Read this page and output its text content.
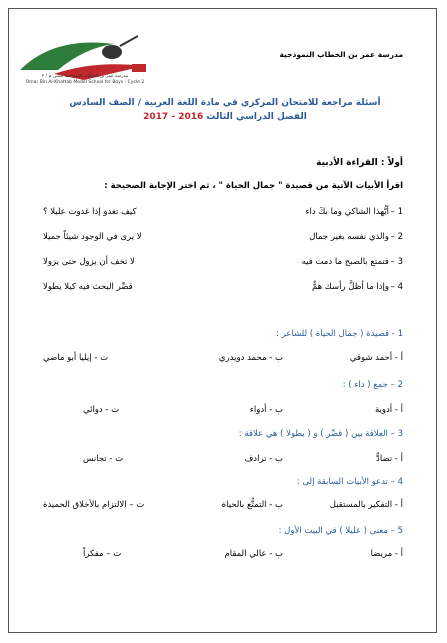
مدرسة عمر بن الخطاب النموذجية للبنين م / ٢
Omar Bin Al-Khattab Model School for Boys - Cycle 2
مدرسة عمر بن الخطاب النموذجية
أسئلة مراجعة للامتحان المركزي في مادة اللغة العربية / الصف السادس
الفصل الدراسي الثالث 2016 - 2017
أولاً : القراءة الأدبية
اقرأ الأبيات الآتية من قصيدة " جمال الحياة " ، ثم اختر الإجابة الصحيحة :
1 –
أيُّهذا الشاكي وما بكَ داء
كيف تغدو إذا غدوت عليلا ؟
2 –
والذي نفسه بغير جمال
لا يرى في الوجود شيئاً جميلا
3 –
فتمتع بالصبح ما دمت فيه
لا تخف أن يزول حتى يزولا
4 –
وإذا ما أظلَّ رأسك همٌّ
قصِّر البحث فيه كيلا يطولا
1 - قصيدة ( جمال الحياة ) للشاعر :
أ - أحمد شوقي
ب - محمد دويدري
ت - إيليا أبو ماضي
2 – جمع ( داء ) :
أ - أدوية
ب - أدواء
ت - دوائي
3 – العلاقة بين ( قصِّر ) و ( يطولا ) هي علاقة :
أ - تضادٌّ
ب - ترادف
ت - تجانس
4 – تدعو الأبيات السابقة إلى :
أ - التفكير بالمستقبل
ب - التمتُّع بالحياة
ت – الالتزام بالأخلاق الحميدة
5 – معنى ( عليلا ) في البيت الأول :
أ - مريضا
ب - عالي المقام
ت – مفكراً
